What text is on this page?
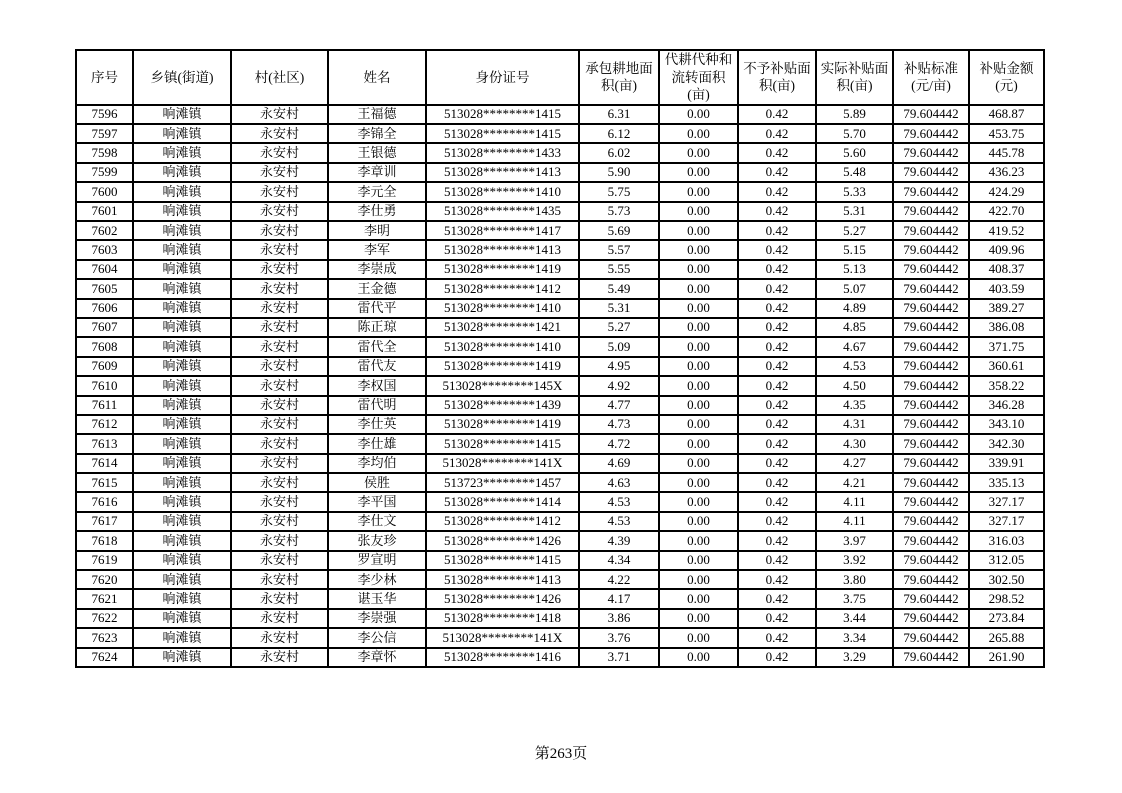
序号	乡镇(街道)	村(社区)	姓名	身份证号	承包耕地面积(亩)	代耕代种和流转面积(亩)	不予补贴面积(亩)	实际补贴面积(亩)	补贴标准(元/亩)	补贴金额(元)
7596	响滩镇	永安村	王福德	513028********1415	6.31	0.00	0.42	5.89	79.604442	468.87
7597	响滩镇	永安村	李锦全	513028********1415	6.12	0.00	0.42	5.70	79.604442	453.75
7598	响滩镇	永安村	王银德	513028********1433	6.02	0.00	0.42	5.60	79.604442	445.78
7599	响滩镇	永安村	李章训	513028********1413	5.90	0.00	0.42	5.48	79.604442	436.23
7600	响滩镇	永安村	李元全	513028********1410	5.75	0.00	0.42	5.33	79.604442	424.29
7601	响滩镇	永安村	李仕勇	513028********1435	5.73	0.00	0.42	5.31	79.604442	422.70
7602	响滩镇	永安村	李明	513028********1417	5.69	0.00	0.42	5.27	79.604442	419.52
7603	响滩镇	永安村	李军	513028********1413	5.57	0.00	0.42	5.15	79.604442	409.96
7604	响滩镇	永安村	李崇成	513028********1419	5.55	0.00	0.42	5.13	79.604442	408.37
7605	响滩镇	永安村	王金德	513028********1412	5.49	0.00	0.42	5.07	79.604442	403.59
7606	响滩镇	永安村	雷代平	513028********1410	5.31	0.00	0.42	4.89	79.604442	389.27
7607	响滩镇	永安村	陈正琼	513028********1421	5.27	0.00	0.42	4.85	79.604442	386.08
7608	响滩镇	永安村	雷代全	513028********1410	5.09	0.00	0.42	4.67	79.604442	371.75
7609	响滩镇	永安村	雷代友	513028********1419	4.95	0.00	0.42	4.53	79.604442	360.61
7610	响滩镇	永安村	李权国	513028********145X	4.92	0.00	0.42	4.50	79.604442	358.22
7611	响滩镇	永安村	雷代明	513028********1439	4.77	0.00	0.42	4.35	79.604442	346.28
7612	响滩镇	永安村	李仕英	513028********1419	4.73	0.00	0.42	4.31	79.604442	343.10
7613	响滩镇	永安村	李仕雄	513028********1415	4.72	0.00	0.42	4.30	79.604442	342.30
7614	响滩镇	永安村	李均伯	513028********141X	4.69	0.00	0.42	4.27	79.604442	339.91
7615	响滩镇	永安村	侯胜	513723********1457	4.63	0.00	0.42	4.21	79.604442	335.13
7616	响滩镇	永安村	李平国	513028********1414	4.53	0.00	0.42	4.11	79.604442	327.17
7617	响滩镇	永安村	李仕文	513028********1412	4.53	0.00	0.42	4.11	79.604442	327.17
7618	响滩镇	永安村	张友珍	513028********1426	4.39	0.00	0.42	3.97	79.604442	316.03
7619	响滩镇	永安村	罗宣明	513028********1415	4.34	0.00	0.42	3.92	79.604442	312.05
7620	响滩镇	永安村	李少林	513028********1413	4.22	0.00	0.42	3.80	79.604442	302.50
7621	响滩镇	永安村	谌玉华	513028********1426	4.17	0.00	0.42	3.75	79.604442	298.52
7622	响滩镇	永安村	李崇强	513028********1418	3.86	0.00	0.42	3.44	79.604442	273.84
7623	响滩镇	永安村	李公信	513028********141X	3.76	0.00	0.42	3.34	79.604442	265.88
7624	响滩镇	永安村	李章怀	513028********1416	3.71	0.00	0.42	3.29	79.604442	261.90
第263页
